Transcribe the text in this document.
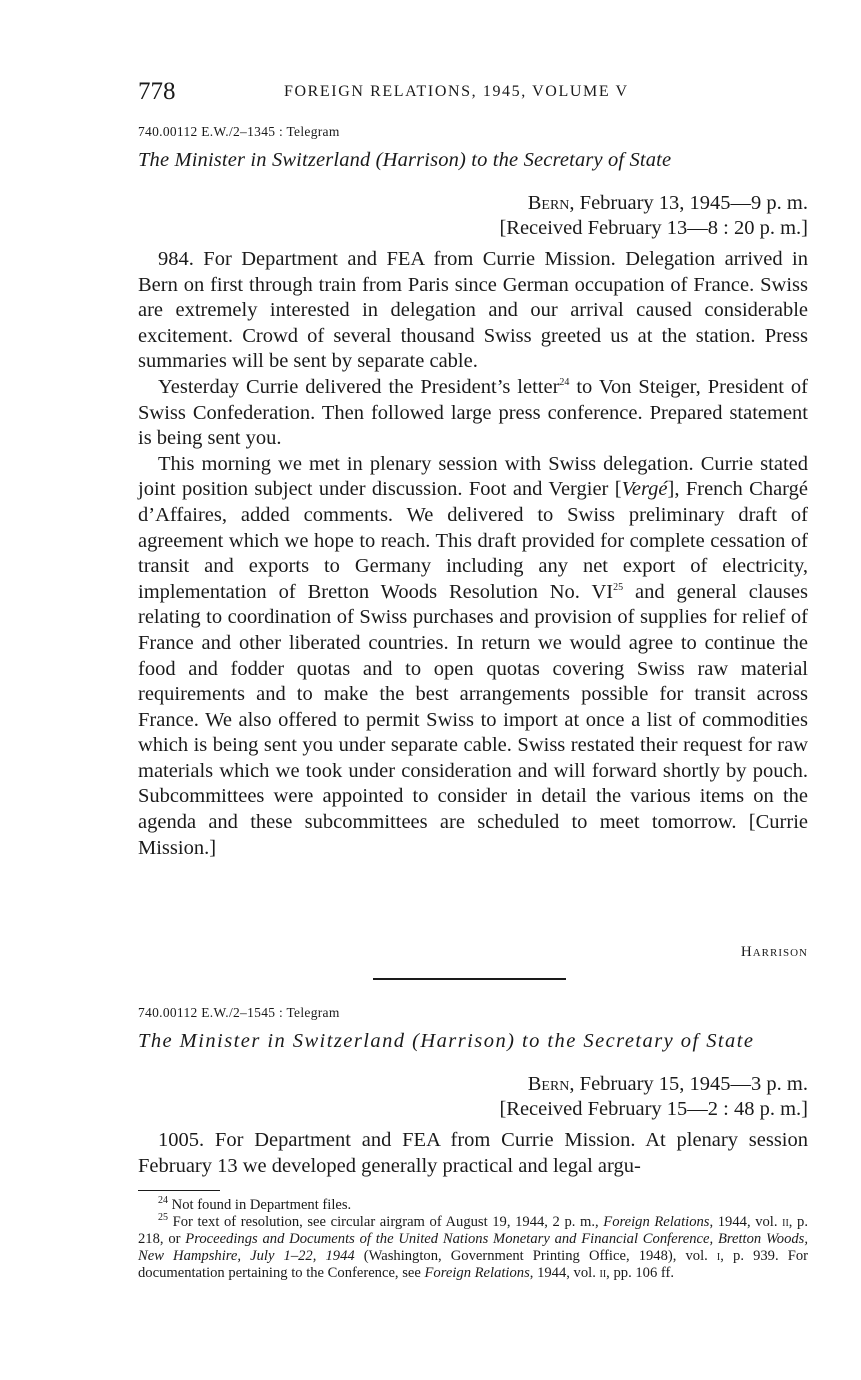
778	FOREIGN RELATIONS, 1945, VOLUME V
740.00112 E.W./2–1345 : Telegram
The Minister in Switzerland (Harrison) to the Secretary of State
Bern, February 13, 1945—9 p. m.
[Received February 13—8 : 20 p. m.]

984. For Department and FEA from Currie Mission. Delegation arrived in Bern on first through train from Paris since German occupation of France. Swiss are extremely interested in delegation and our arrival caused considerable excitement. Crowd of several thousand Swiss greeted us at the station. Press summaries will be sent by separate cable.

Yesterday Currie delivered the President’s letter$^{24}$ to Von Steiger, President of Swiss Confederation. Then followed large press conference. Prepared statement is being sent you.

This morning we met in plenary session with Swiss delegation. Currie stated joint position subject under discussion. Foot and Vergier [Vergé], French Chargé d’Affaires, added comments. We delivered to Swiss preliminary draft of agreement which we hope to reach. This draft provided for complete cessation of transit and exports to Germany including any net export of electricity, implementation of Bretton Woods Resolution No. VI$^{25}$ and general clauses relating to coordination of Swiss purchases and provision of supplies for relief of France and other liberated countries. In return we would agree to continue the food and fodder quotas and to open quotas covering Swiss raw material requirements and to make the best arrangements possible for transit across France. We also offered to permit Swiss to import at once a list of commodities which is being sent you under separate cable. Swiss restated their request for raw materials which we took under consideration and will forward shortly by pouch. Subcommittees were appointed to consider in detail the various items on the agenda and these subcommittees are scheduled to meet tomorrow. [Currie Mission.]

Harrison
740.00112 E.W./2–1545 : Telegram
The Minister in Switzerland (Harrison) to the Secretary of State
Bern, February 15, 1945—3 p. m.
[Received February 15—2 : 48 p. m.]

1005. For Department and FEA from Currie Mission. At plenary session February 13 we developed generally practical and legal argu-

$^{24}$ Not found in Department files.

$^{25}$ For text of resolution, see circular airgram of August 19, 1944, 2 p. m., Foreign Relations, 1944, vol. ii, p. 218, or Proceedings and Documents of the United Nations Monetary and Financial Conference, Bretton Woods, New Hampshire, July 1–22, 1944 (Washington, Government Printing Office, 1948), vol. i, p. 939. For documentation pertaining to the Conference, see Foreign Relations, 1944, vol. ii, pp. 106 ff.
